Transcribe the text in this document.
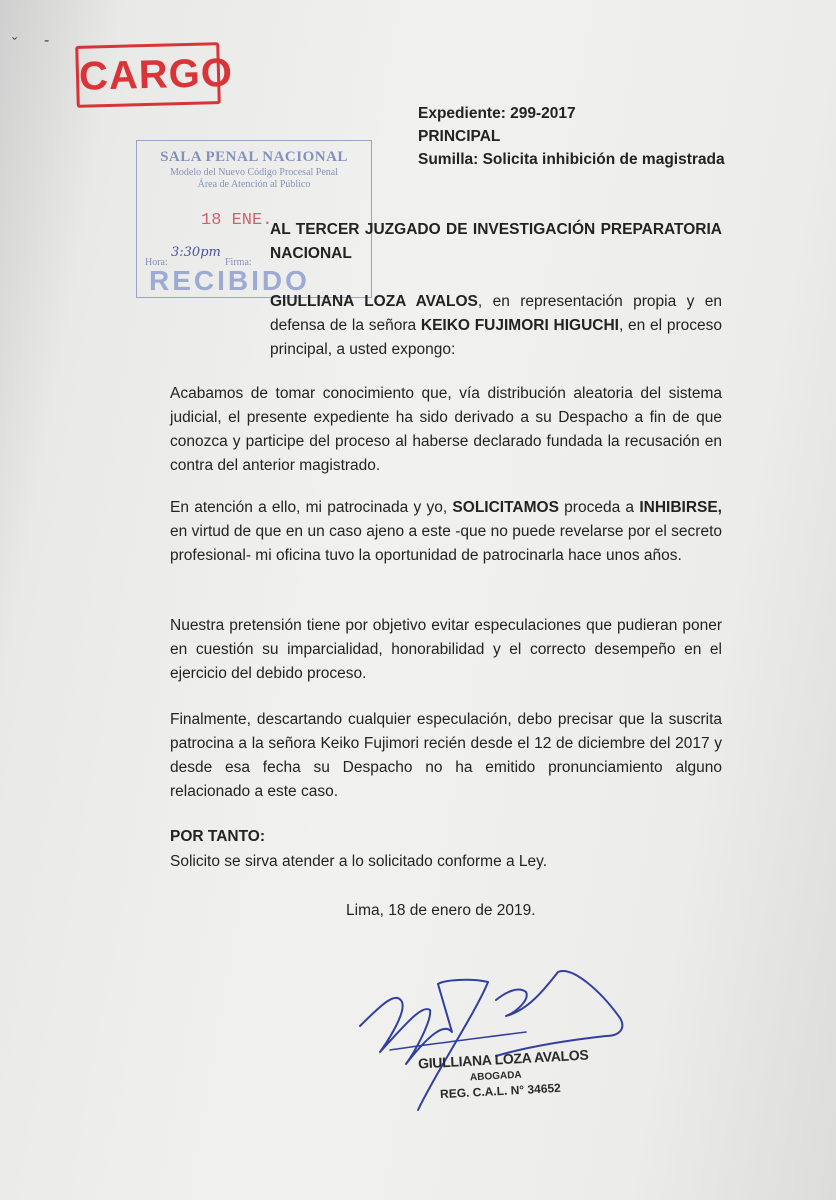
ˇ ‑
CARGO
Expediente: 299-2017
PRINCIPAL
Sumilla: Solicita inhibición de magistrada
SALA PENAL NACIONAL
Modelo del Nuevo Código Procesal Penal
Área de Atención al Público
18 ENE.
Hora:
3:30pm
Firma:
RECIBIDO
AL TERCER JUZGADO DE INVESTIGACIÓN PREPARATORIA NACIONAL
GIULLIANA LOZA AVALOS, en representación propia y en defensa de la señora KEIKO FUJIMORI HIGUCHI, en el proceso principal, a usted expongo:
Acabamos de tomar conocimiento que, vía distribución aleatoria del sistema judicial, el presente expediente ha sido derivado a su Despacho a fin de que conozca y participe del proceso al haberse declarado fundada la recusación en contra del anterior magistrado.
En atención a ello, mi patrocinada y yo, SOLICITAMOS proceda a INHIBIRSE, en virtud de que en un caso ajeno a este -que no puede revelarse por el secreto profesional- mi oficina tuvo la oportunidad de patrocinarla hace unos años.
Nuestra pretensión tiene por objetivo evitar especulaciones que pudieran poner en cuestión su imparcialidad, honorabilidad y el correcto desempeño en el ejercicio del debido proceso.
Finalmente, descartando cualquier especulación, debo precisar que la suscrita patrocina a la señora Keiko Fujimori recién desde el 12 de diciembre del 2017 y desde esa fecha su Despacho no ha emitido pronunciamiento alguno relacionado a este caso.
POR TANTO:
Solicito se sirva atender a lo solicitado conforme a Ley.
Lima, 18 de enero de 2019.
GIULLIANA LOZA AVALOS
ABOGADA
REG. C.A.L. N° 34652
